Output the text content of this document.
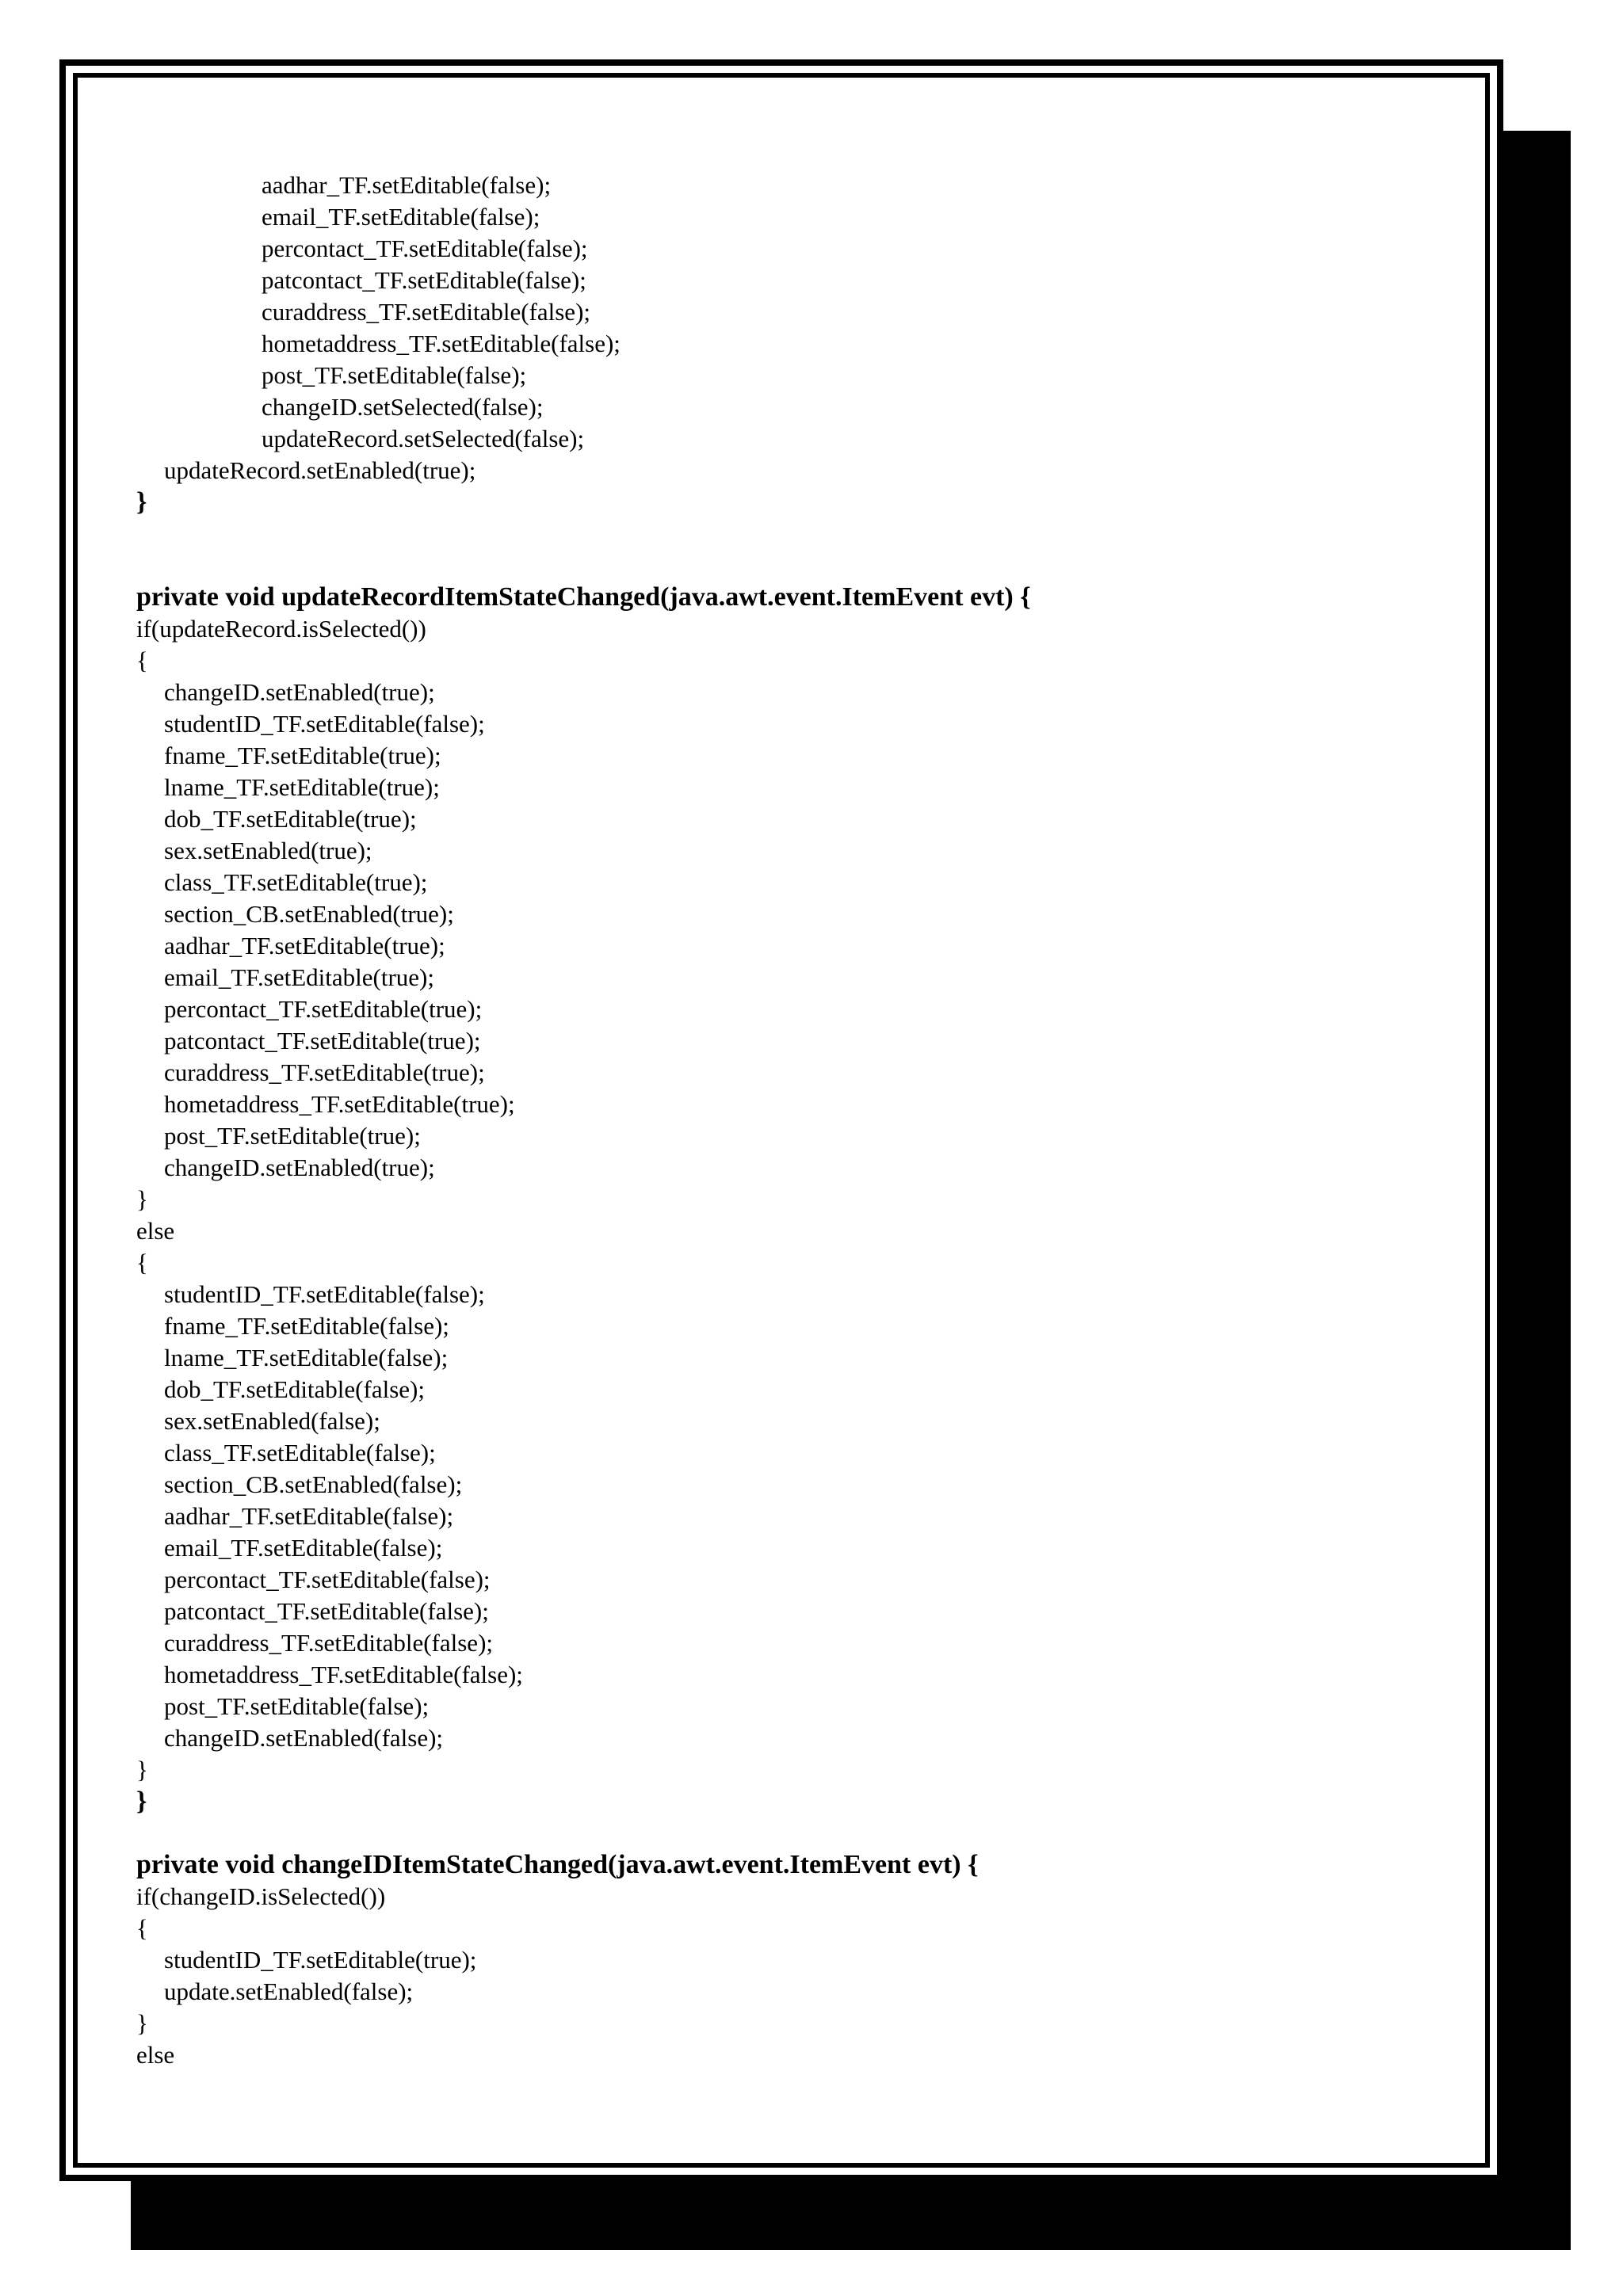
aadhar_TF.setEditable(false);
email_TF.setEditable(false);
percontact_TF.setEditable(false);
patcontact_TF.setEditable(false);
curaddress_TF.setEditable(false);
hometaddress_TF.setEditable(false);
post_TF.setEditable(false);
changeID.setSelected(false);
updateRecord.setSelected(false);
updateRecord.setEnabled(true);
}
private void updateRecordItemStateChanged(java.awt.event.ItemEvent evt) {
if(updateRecord.isSelected())
{
changeID.setEnabled(true);
studentID_TF.setEditable(false);
fname_TF.setEditable(true);
lname_TF.setEditable(true);
dob_TF.setEditable(true);
sex.setEnabled(true);
class_TF.setEditable(true);
section_CB.setEnabled(true);
aadhar_TF.setEditable(true);
email_TF.setEditable(true);
percontact_TF.setEditable(true);
patcontact_TF.setEditable(true);
curaddress_TF.setEditable(true);
hometaddress_TF.setEditable(true);
post_TF.setEditable(true);
changeID.setEnabled(true);
}
else
{
studentID_TF.setEditable(false);
fname_TF.setEditable(false);
lname_TF.setEditable(false);
dob_TF.setEditable(false);
sex.setEnabled(false);
class_TF.setEditable(false);
section_CB.setEnabled(false);
aadhar_TF.setEditable(false);
email_TF.setEditable(false);
percontact_TF.setEditable(false);
patcontact_TF.setEditable(false);
curaddress_TF.setEditable(false);
hometaddress_TF.setEditable(false);
post_TF.setEditable(false);
changeID.setEnabled(false);
}
}
private void changeIDItemStateChanged(java.awt.event.ItemEvent evt) {
if(changeID.isSelected())
{
studentID_TF.setEditable(true);
update.setEnabled(false);
}
else
